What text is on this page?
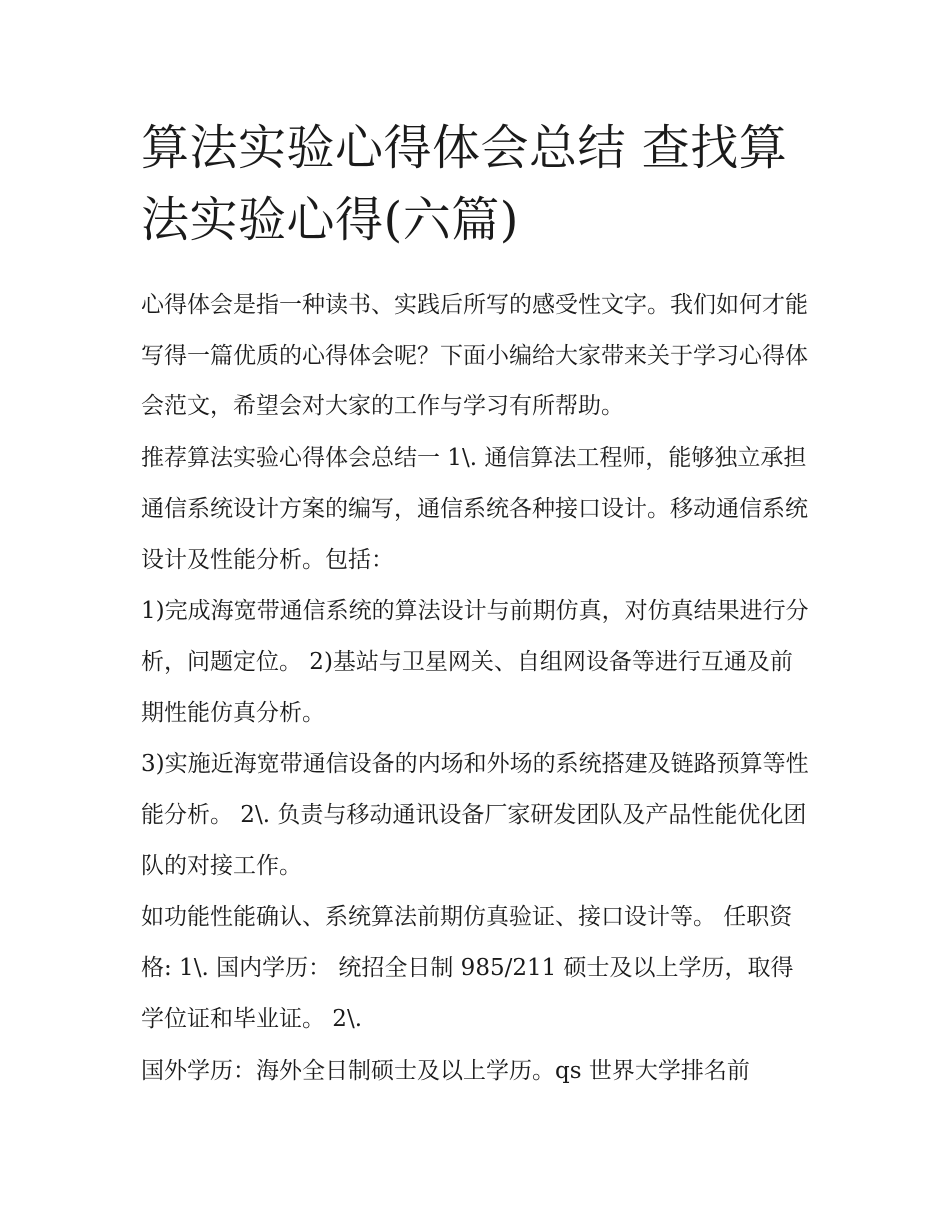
算法实验心得体会总结 查找算法实验心得(六篇)

心得体会是指一种读书、实践后所写的感受性文字。我们如何才能写得一篇优质的心得体会呢？下面小编给大家带来关于学习心得体会范文，希望会对大家的工作与学习有所帮助。

推荐算法实验心得体会总结一 1\. 通信算法工程师，能够独立承担通信系统设计方案的编写，通信系统各种接口设计。移动通信系统设计及性能分析。包括：

1)完成海宽带通信系统的算法设计与前期仿真，对仿真结果进行分析，问题定位。 2)基站与卫星网关、自组网设备等进行互通及前期性能仿真分析。

3)实施近海宽带通信设备的内场和外场的系统搭建及链路预算等性能分析。 2\. 负责与移动通讯设备厂家研发团队及产品性能优化团队的对接工作。

如功能性能确认、系统算法前期仿真验证、接口设计等。 任职资格: 1\. 国内学历： 统招全日制 985/211 硕士及以上学历，取得学位证和毕业证。 2\.

国外学历：海外全日制硕士及以上学历。qs 世界大学排名前
